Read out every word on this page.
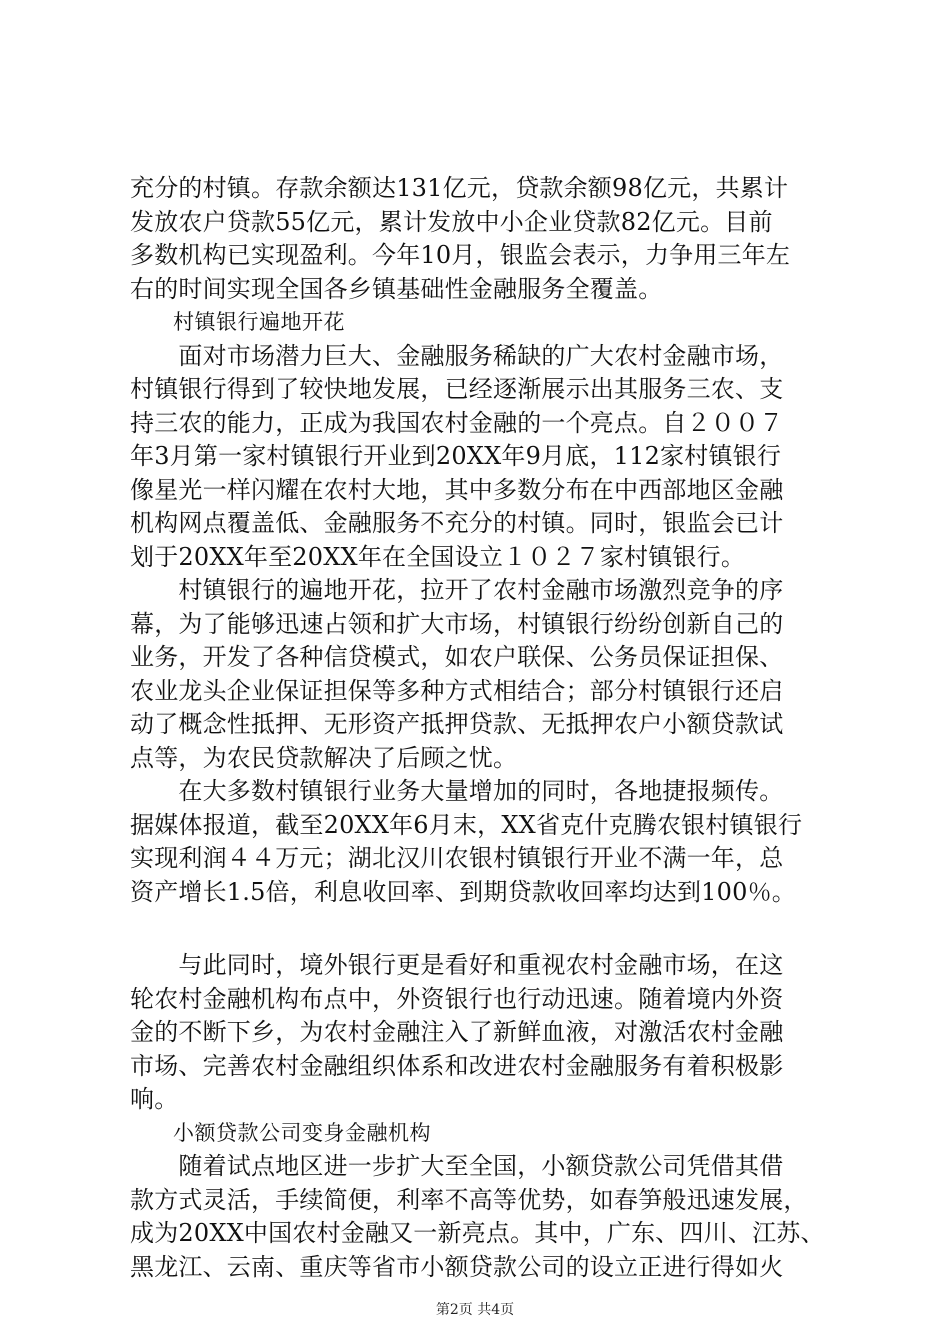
充分的村镇。存款余额达131亿元，贷款余额98亿元，共累计
发放农户贷款55亿元，累计发放中小企业贷款82亿元。目前
多数机构已实现盈利。今年10月，银监会表示，力争用三年左
右的时间实现全国各乡镇基础性金融服务全覆盖。
　　村镇银行遍地开花
　　面对市场潜力巨大、金融服务稀缺的广大农村金融市场，
村镇银行得到了较快地发展，已经逐渐展示出其服务三农、支
持三农的能力，正成为我国农村金融的一个亮点。自２００７
年3月第一家村镇银行开业到20XX年9月底，112家村镇银行
像星光一样闪耀在农村大地，其中多数分布在中西部地区金融
机构网点覆盖低、金融服务不充分的村镇。同时，银监会已计
划于20XX年至20XX年在全国设立１０２７家村镇银行。
　　村镇银行的遍地开花，拉开了农村金融市场激烈竞争的序
幕，为了能够迅速占领和扩大市场，村镇银行纷纷创新自己的
业务，开发了各种信贷模式，如农户联保、公务员保证担保、
农业龙头企业保证担保等多种方式相结合；部分村镇银行还启
动了概念性抵押、无形资产抵押贷款、无抵押农户小额贷款试
点等，为农民贷款解决了后顾之忧。
　　在大多数村镇银行业务大量增加的同时，各地捷报频传。
据媒体报道，截至20XX年6月末，XX省克什克腾农银村镇银行
实现利润４４万元；湖北汉川农银村镇银行开业不满一年，总
资产增长1.5倍，利息收回率、到期贷款收回率均达到100％。
　　与此同时，境外银行更是看好和重视农村金融市场，在这
轮农村金融机构布点中，外资银行也行动迅速。随着境内外资
金的不断下乡，为农村金融注入了新鲜血液，对激活农村金融
市场、完善农村金融组织体系和改进农村金融服务有着积极影
响。
　　小额贷款公司变身金融机构
　　随着试点地区进一步扩大至全国，小额贷款公司凭借其借
款方式灵活，手续简便，利率不高等优势，如春笋般迅速发展，
成为20XX中国农村金融又一新亮点。其中，广东、四川、江苏、
黑龙江、云南、重庆等省市小额贷款公司的设立正进行得如火
第2页 共4页
